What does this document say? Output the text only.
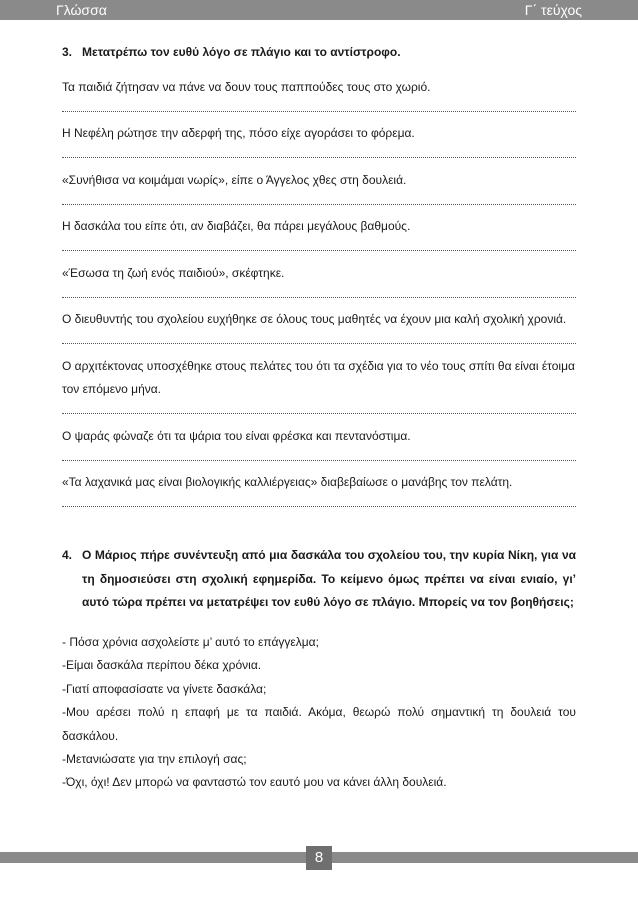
Γλώσσα	Γ΄ τεύχος
3. Μετατρέπω τον ευθύ λόγο σε πλάγιο και το αντίστροφο.
Τα παιδιά ζήτησαν να πάνε να δουν τους παππούδες τους στο χωριό.
Η Νεφέλη ρώτησε την αδερφή της, πόσο είχε αγοράσει το φόρεμα.
«Συνήθισα να κοιμάμαι νωρίς», είπε ο Άγγελος χθες στη δουλειά.
Η δασκάλα του είπε ότι, αν διαβάζει, θα πάρει μεγάλους βαθμούς.
«Έσωσα τη ζωή ενός παιδιού», σκέφτηκε.
Ο διευθυντής του σχολείου ευχήθηκε σε όλους τους μαθητές να έχουν μια καλή σχολική χρονιά.
Ο αρχιτέκτονας υποσχέθηκε στους πελάτες του ότι τα σχέδια για το νέο τους σπίτι θα είναι έτοιμα
τον επόμενο μήνα.
Ο ψαράς φώναζε ότι τα ψάρια του είναι φρέσκα και πεντανόστιμα.
«Τα λαχανικά μας είναι βιολογικής καλλιέργειας» διαβεβαίωσε ο μανάβης τον πελάτη.
4. Ο Μάριος πήρε συνέντευξη από μια δασκάλα του σχολείου του, την κυρία Νίκη, για να τη δημοσιεύσει στη σχολική εφημερίδα. Το κείμενο όμως πρέπει να είναι ενιαίο, γι’ αυτό τώρα πρέπει να μετατρέψει τον ευθύ λόγο σε πλάγιο. Μπορείς να τον βοηθήσεις;
- Πόσα χρόνια ασχολείστε μ’ αυτό το επάγγελμα;
-Είμαι δασκάλα περίπου δέκα χρόνια.
-Γιατί αποφασίσατε να γίνετε δασκάλα;
-Μου αρέσει πολύ η επαφή με τα παιδιά. Ακόμα, θεωρώ πολύ σημαντική τη δουλειά του
δασκάλου.
-Μετανιώσατε για την επιλογή σας;
-Όχι, όχι! Δεν μπορώ να φανταστώ τον εαυτό μου να κάνει άλλη δουλειά.
8
